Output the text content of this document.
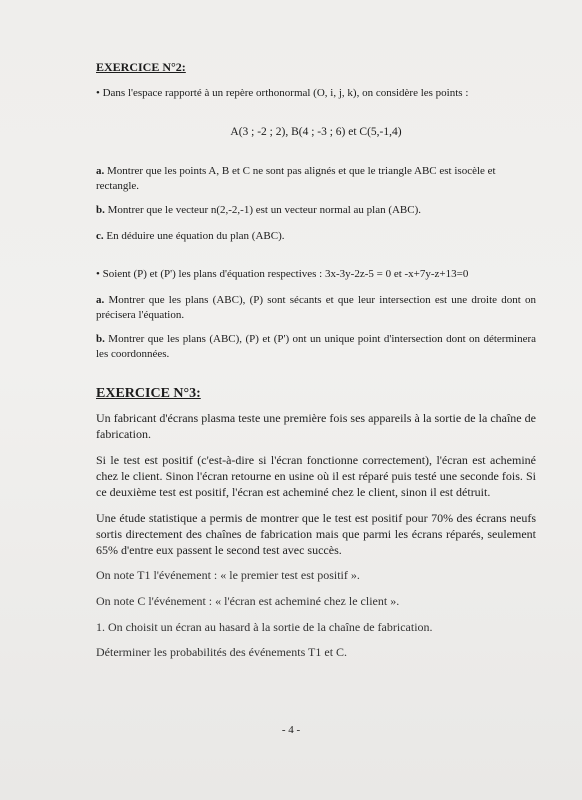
EXERCICE N°2:

• Dans l'espace rapporté à un repère orthonormal (O, i, j, k), on considère les points :

A(3 ; -2 ; 2), B(4 ; -3 ; 6) et C(5,-1,4)

a. Montrer que les points A, B et C ne sont pas alignés et que le triangle ABC est isocèle et rectangle.

b. Montrer que le vecteur n(2,-2,-1) est un vecteur normal au plan (ABC).

c. En déduire une équation du plan (ABC).

• Soient (P) et (P') les plans d'équation respectives : 3x-3y-2z-5 = 0 et -x+7y-z+13=0

a. Montrer que les plans (ABC), (P) sont sécants et que leur intersection est une droite dont on précisera l'équation.

b. Montrer que les plans (ABC), (P) et (P') ont un unique point d'intersection dont on déterminera les coordonnées.

EXERCICE N°3:

Un fabricant d'écrans plasma teste une première fois ses appareils à la sortie de la chaîne de fabrication.

Si le test est positif (c'est-à-dire si l'écran fonctionne correctement), l'écran est acheminé chez le client. Sinon l'écran retourne en usine où il est réparé puis testé une seconde fois. Si ce deuxième test est positif, l'écran est acheminé chez le client, sinon il est détruit.

Une étude statistique a permis de montrer que le test est positif pour 70% des écrans neufs sortis directement des chaînes de fabrication mais que parmi les écrans réparés, seulement 65% d'entre eux passent le second test avec succès.

On note T1 l'événement : « le premier test est positif ».

On note C l'événement : « l'écran est acheminé chez le client ».

1. On choisit un écran au hasard à la sortie de la chaîne de fabrication.

Déterminer les probabilités des événements T1 et C.

- 4 -
